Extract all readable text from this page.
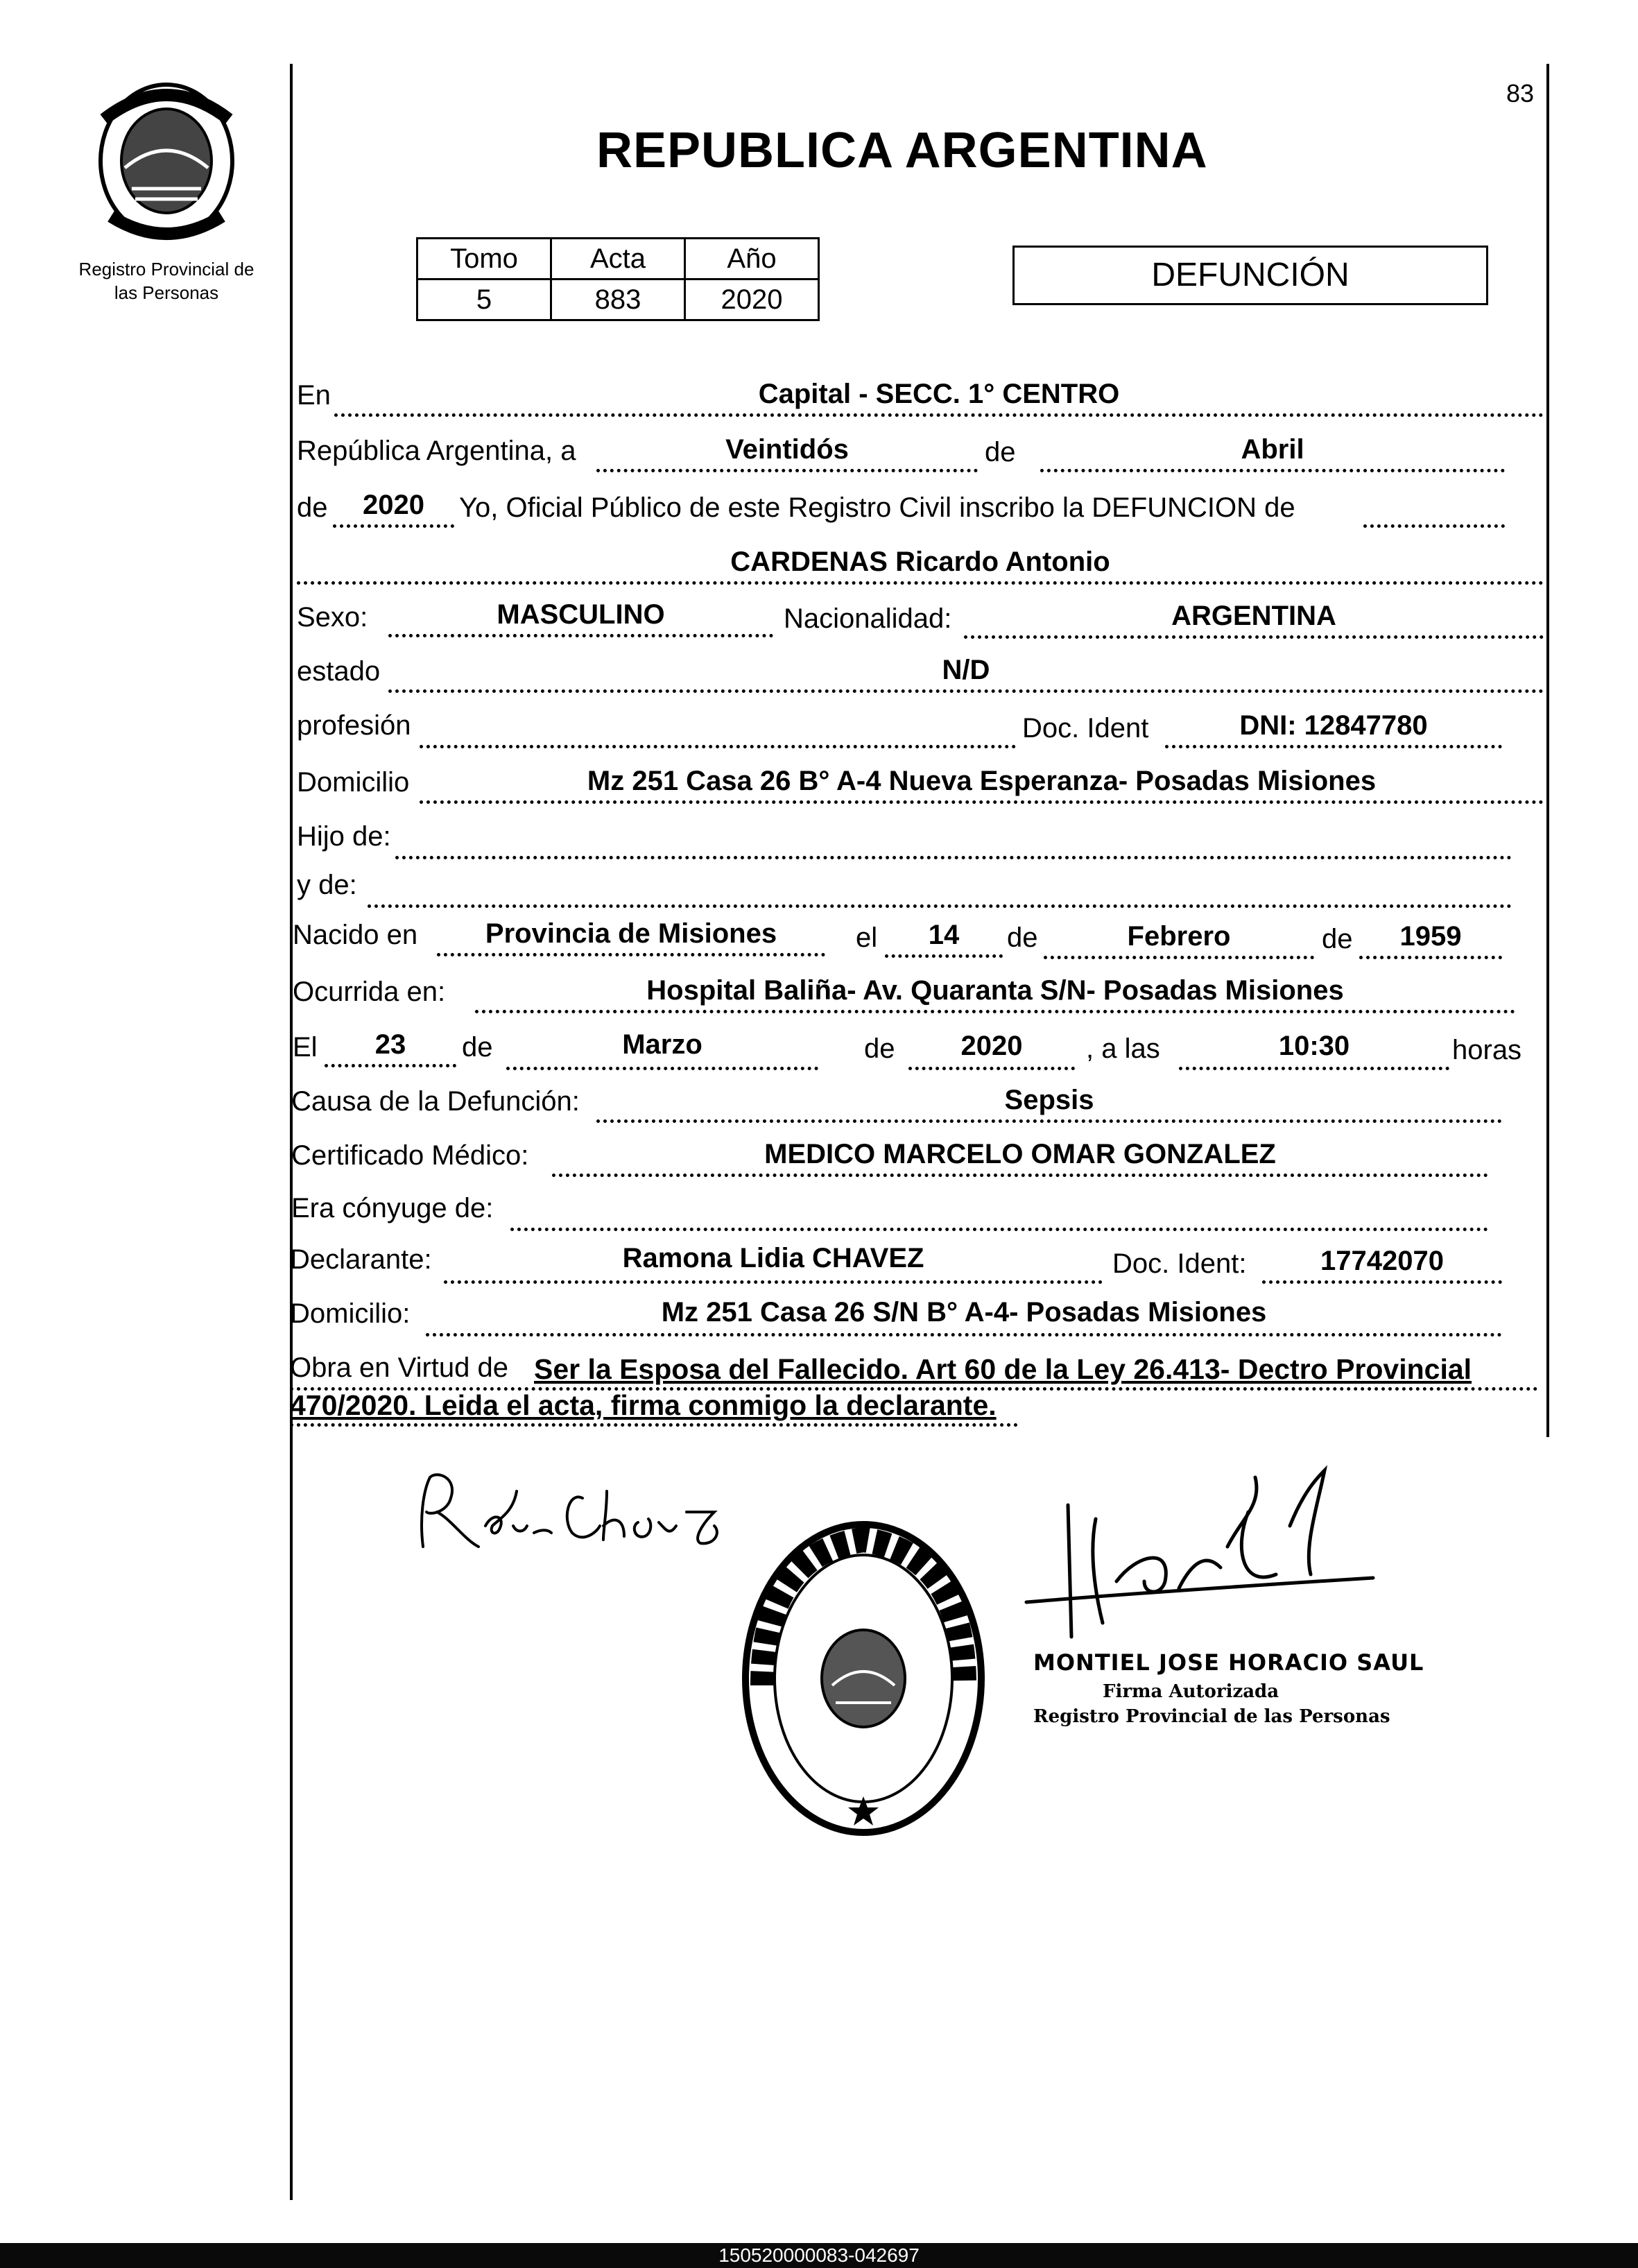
83
Registro Provincial de
las Personas
REPUBLICA ARGENTINA
Tomo	Acta	Año
5	883	2020
DEFUNCIÓN
En	Capital - SECC. 1° CENTRO
República Argentina, a	Veintidós	de	Abril
de	2020	Yo, Oficial Público de este Registro Civil inscribo la DEFUNCION de
CARDENAS Ricardo Antonio
Sexo:	MASCULINO	Nacionalidad:	ARGENTINA
estado	N/D
profesión	Doc. Ident	DNI: 12847780
Domicilio	Mz 251 Casa 26 B° A-4 Nueva Esperanza- Posadas Misiones
Hijo de:
y de:
Nacido en	Provincia de Misiones	el	14	de	Febrero	de	1959
Ocurrida en:	Hospital Baliña- Av. Quaranta S/N- Posadas Misiones
El	23	de	Marzo	de	2020	, a las	10:30	horas
Causa de la Defunción:	Sepsis
Certificado Médico:	MEDICO MARCELO OMAR GONZALEZ
Era cónyuge de:
Declarante:	Ramona Lidia CHAVEZ	Doc. Ident:	17742070
Domicilio:	Mz 251 Casa 26 S/N B° A-4- Posadas Misiones
Obra en Virtud de Ser la Esposa del Fallecido. Art 60 de la Ley 26.413- Dectro Provincial
470/2020. Leida el acta, firma conmigo la declarante.
MONTIEL JOSE HORACIO SAUL
Firma Autorizada
Registro Provincial de las Personas
150520000083-042697
